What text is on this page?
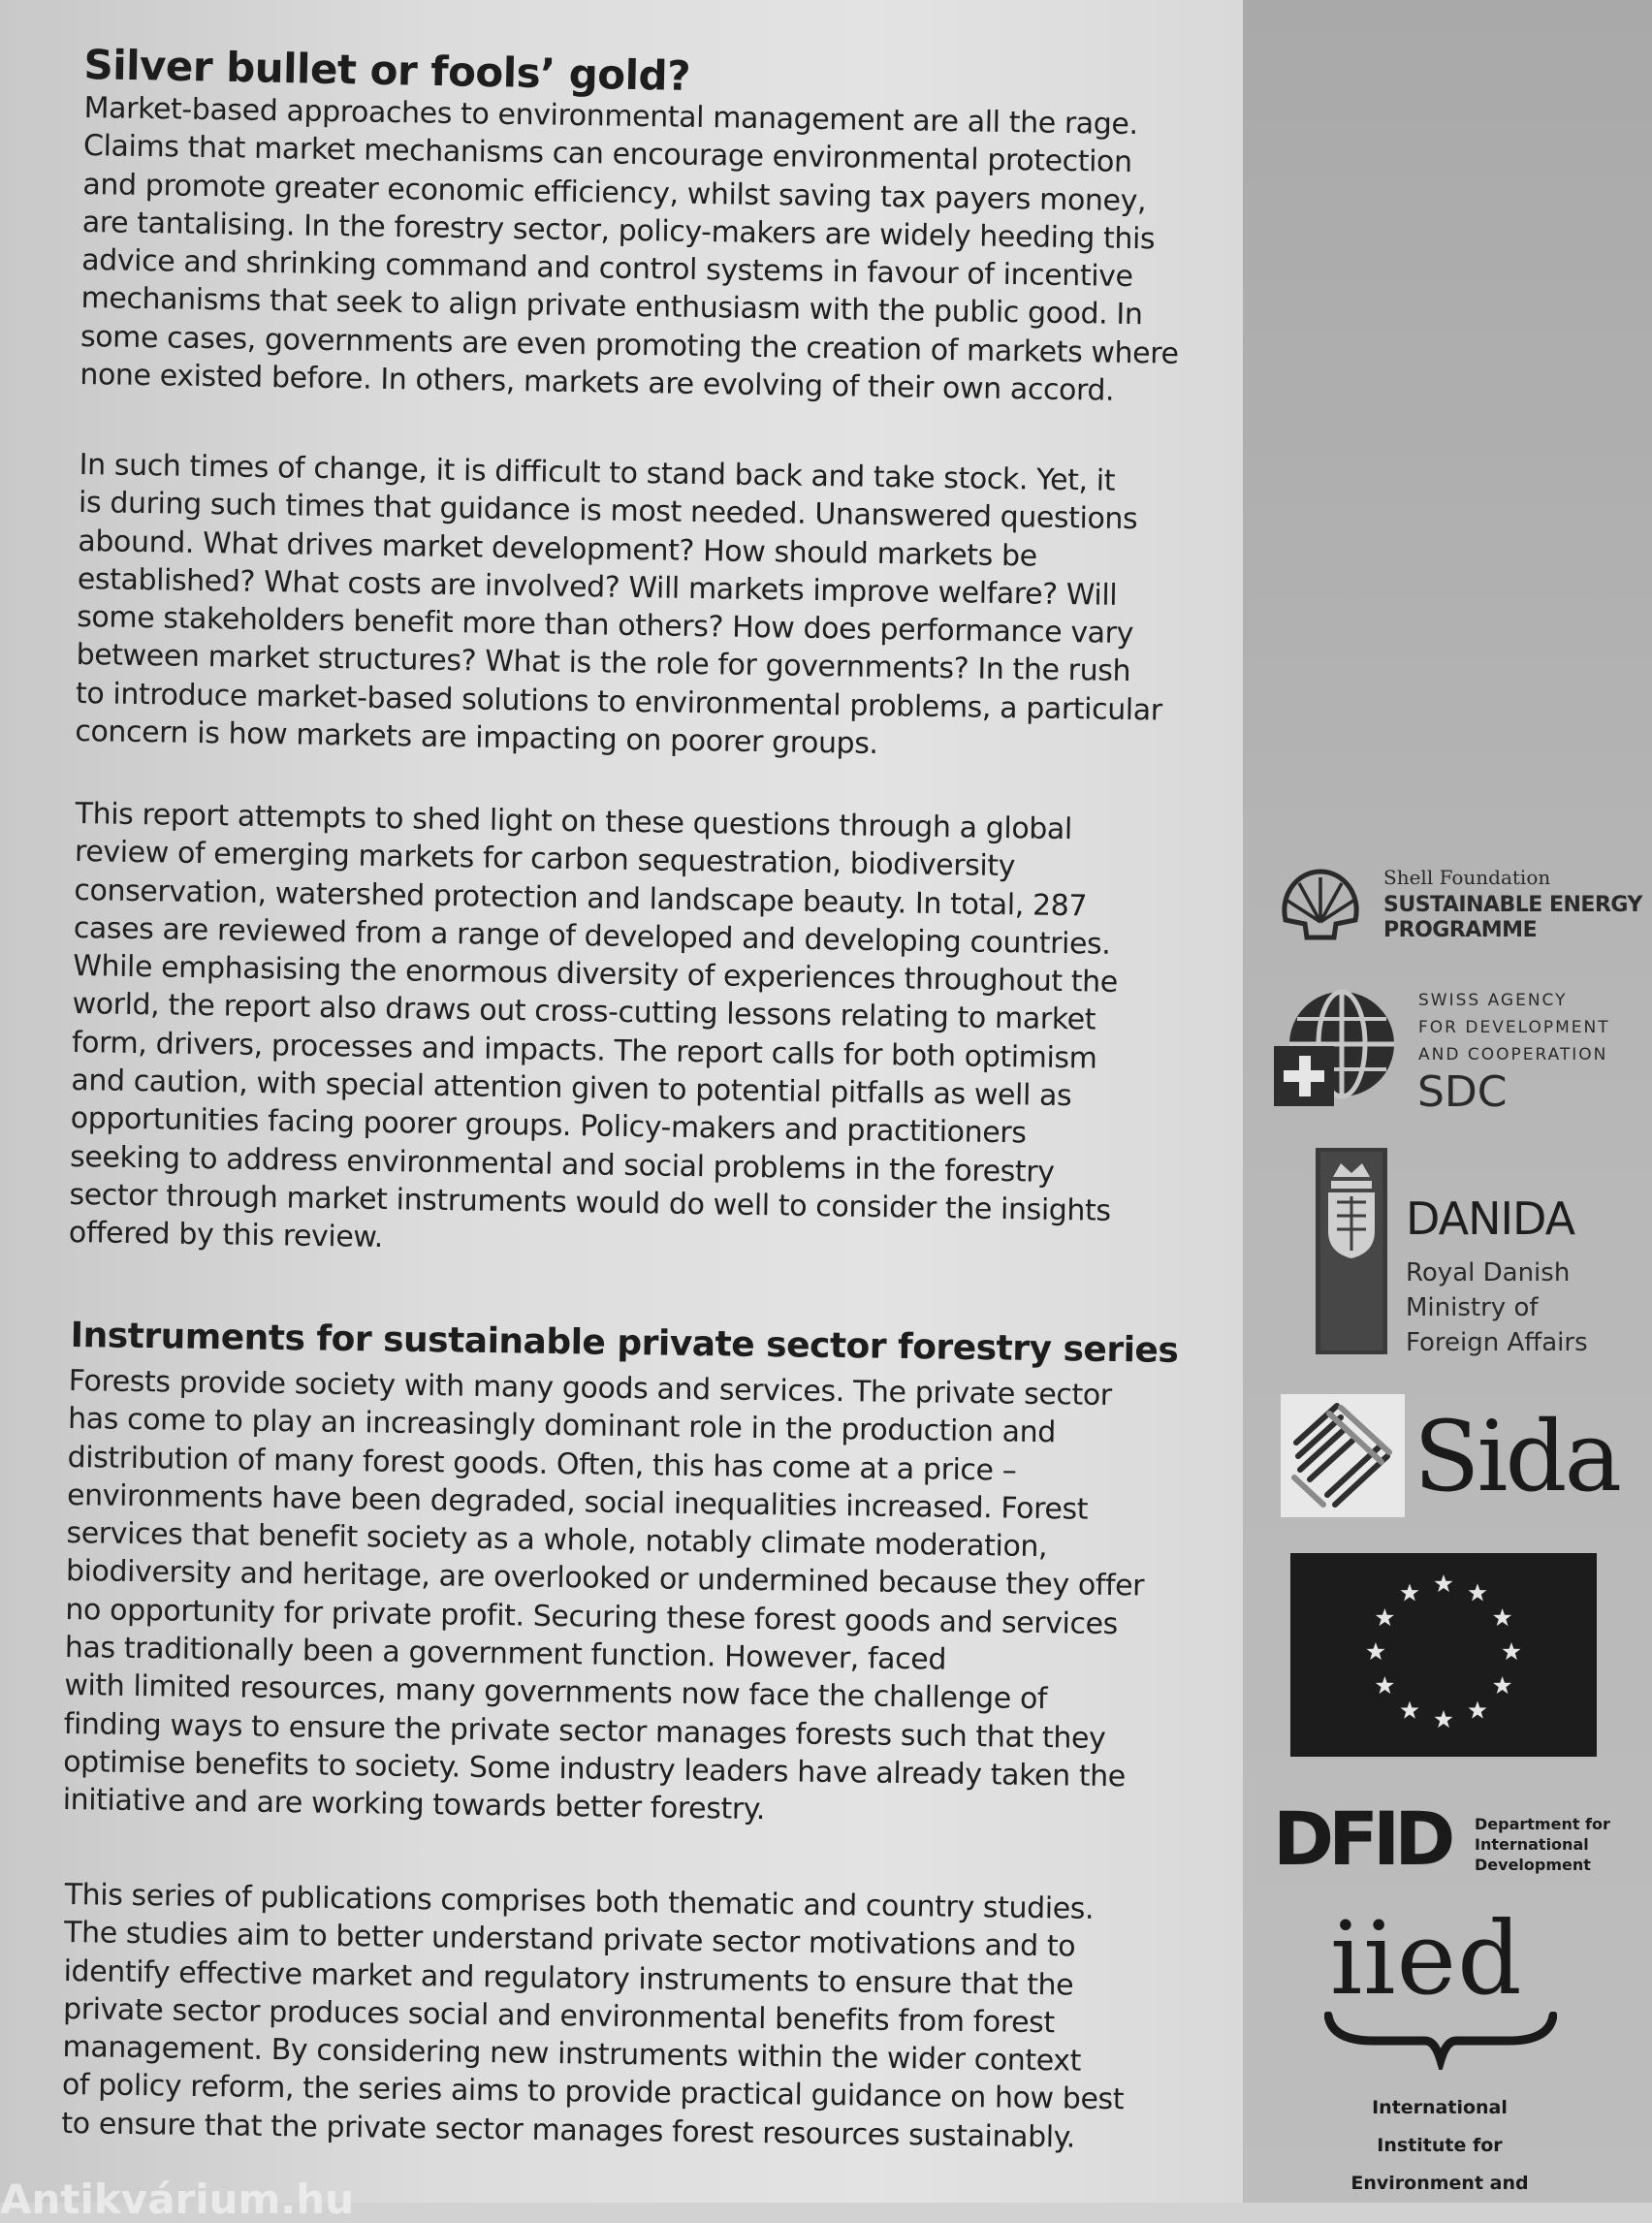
Silver bullet or fools’ gold?

Market-based approaches to environmental management are all the rage.
Claims that market mechanisms can encourage environmental protection
and promote greater economic efficiency, whilst saving tax payers money,
are tantalising. In the forestry sector, policy-makers are widely heeding this
advice and shrinking command and control systems in favour of incentive
mechanisms that seek to align private enthusiasm with the public good. In
some cases, governments are even promoting the creation of markets where
none existed before. In others, markets are evolving of their own accord.

In such times of change, it is difficult to stand back and take stock. Yet, it
is during such times that guidance is most needed. Unanswered questions
abound. What drives market development? How should markets be
established? What costs are involved? Will markets improve welfare? Will
some stakeholders benefit more than others? How does performance vary
between market structures? What is the role for governments? In the rush
to introduce market-based solutions to environmental problems, a particular
concern is how markets are impacting on poorer groups.

This report attempts to shed light on these questions through a global
review of emerging markets for carbon sequestration, biodiversity
conservation, watershed protection and landscape beauty. In total, 287
cases are reviewed from a range of developed and developing countries.
While emphasising the enormous diversity of experiences throughout the
world, the report also draws out cross-cutting lessons relating to market
form, drivers, processes and impacts. The report calls for both optimism
and caution, with special attention given to potential pitfalls as well as
opportunities facing poorer groups. Policy-makers and practitioners
seeking to address environmental and social problems in the forestry
sector through market instruments would do well to consider the insights
offered by this review.

Instruments for sustainable private sector forestry series

Forests provide society with many goods and services. The private sector
has come to play an increasingly dominant role in the production and
distribution of many forest goods. Often, this has come at a price –
environments have been degraded, social inequalities increased. Forest
services that benefit society as a whole, notably climate moderation,
biodiversity and heritage, are overlooked or undermined because they offer
no opportunity for private profit. Securing these forest goods and services
has traditionally been a government function. However, faced
with limited resources, many governments now face the challenge of
finding ways to ensure the private sector manages forests such that they
optimise benefits to society. Some industry leaders have already taken the
initiative and are working towards better forestry.

This series of publications comprises both thematic and country studies.
The studies aim to better understand private sector motivations and to
identify effective market and regulatory instruments to ensure that the
private sector produces social and environmental benefits from forest
management. By considering new instruments within the wider context
of policy reform, the series aims to provide practical guidance on how best
to ensure that the private sector manages forest resources sustainably.

Shell Foundation
SUSTAINABLE ENERGY
PROGRAMME
SWISS AGENCY
FOR DEVELOPMENT
AND COOPERATION
SDC
DANIDA
Royal Danish
Ministry of
Foreign Affairs
Sida
DFID Department for
International
Development
iied
International
Institute for
Environment and
Antikvárium.hu
